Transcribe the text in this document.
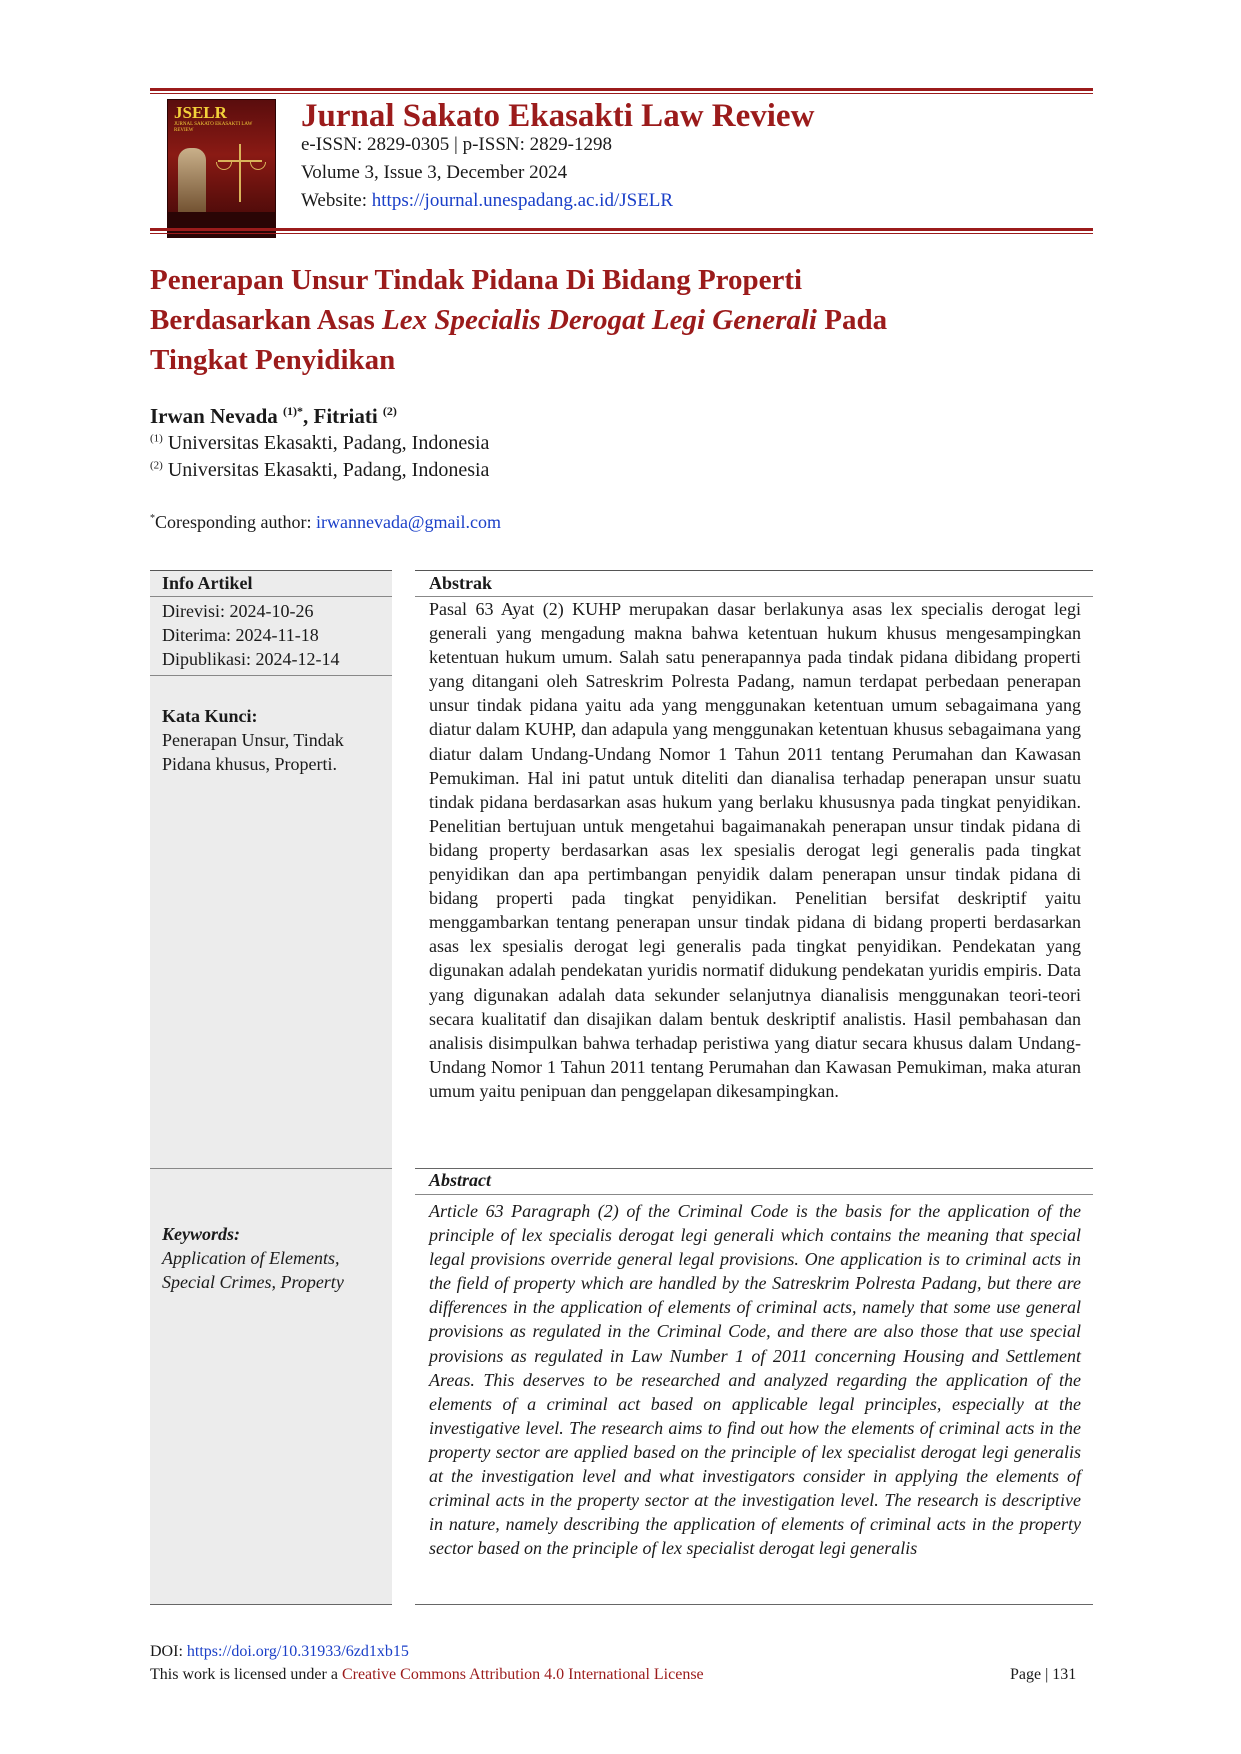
JSELR
JURNAL SAKATO EKASAKTI LAW REVIEW	Jurnal Sakato Ekasakti Law Review
e-ISSN: 2829-0305 | p-ISSN: 2829-1298
Volume 3, Issue 3, December 2024
Website: https://journal.unespadang.ac.id/JSELR
Penerapan Unsur Tindak Pidana Di Bidang Properti
Berdasarkan Asas Lex Specialis Derogat Legi Generali Pada
Tingkat Penyidikan
Irwan Nevada $^{(1)*}$, Fitriati $^{(2)}$
$^{(1)}$ Universitas Ekasakti, Padang, Indonesia
$^{(2)}$ Universitas Ekasakti, Padang, Indonesia
*Coresponding author: irwannevada@gmail.com
Info Artikel
Direvisi: 2024-10-26
Diterima: 2024-11-18
Dipublikasi: 2024-12-14
Kata Kunci:
Penerapan Unsur, Tindak
Pidana khusus, Properti.
Keywords:
Application of Elements,
Special Crimes, Property
Abstrak
Pasal 63 Ayat (2) KUHP merupakan dasar berlakunya asas lex specialis derogat legi generali yang mengadung makna bahwa ketentuan hukum khusus mengesampingkan ketentuan hukum umum. Salah satu penerapannya pada tindak pidana dibidang properti yang ditangani oleh Satreskrim Polresta Padang, namun terdapat perbedaan penerapan unsur tindak pidana yaitu ada yang menggunakan ketentuan umum sebagaimana yang diatur dalam KUHP, dan adapula yang menggunakan ketentuan khusus sebagaimana yang diatur dalam Undang-Undang Nomor 1 Tahun 2011 tentang Perumahan dan Kawasan Pemukiman. Hal ini patut untuk diteliti dan dianalisa terhadap penerapan unsur suatu tindak pidana berdasarkan asas hukum yang berlaku khususnya pada tingkat penyidikan. Penelitian bertujuan untuk mengetahui bagaimanakah penerapan unsur tindak pidana di bidang property berdasarkan asas lex spesialis derogat legi generalis pada tingkat penyidikan dan apa pertimbangan penyidik dalam penerapan unsur tindak pidana di bidang properti pada tingkat penyidikan. Penelitian bersifat deskriptif yaitu menggambarkan tentang penerapan unsur tindak pidana di bidang properti berdasarkan asas lex spesialis derogat legi generalis pada tingkat penyidikan. Pendekatan yang digunakan adalah pendekatan yuridis normatif didukung pendekatan yuridis empiris. Data yang digunakan adalah data sekunder selanjutnya dianalisis menggunakan teori-teori secara kualitatif dan disajikan dalam bentuk deskriptif analistis. Hasil pembahasan dan analisis disimpulkan bahwa terhadap peristiwa yang diatur secara khusus dalam Undang-Undang Nomor 1 Tahun 2011 tentang Perumahan dan Kawasan Pemukiman, maka aturan umum yaitu penipuan dan penggelapan dikesampingkan.
Abstract
Article 63 Paragraph (2) of the Criminal Code is the basis for the application of the principle of lex specialis derogat legi generali which contains the meaning that special legal provisions override general legal provisions. One application is to criminal acts in the field of property which are handled by the Satreskrim Polresta Padang, but there are differences in the application of elements of criminal acts, namely that some use general provisions as regulated in the Criminal Code, and there are also those that use special provisions as regulated in Law Number 1 of 2011 concerning Housing and Settlement Areas. This deserves to be researched and analyzed regarding the application of the elements of a criminal act based on applicable legal principles, especially at the investigative level. The research aims to find out how the elements of criminal acts in the property sector are applied based on the principle of lex specialist derogat legi generalis at the investigation level and what investigators consider in applying the elements of criminal acts in the property sector at the investigation level. The research is descriptive in nature, namely describing the application of elements of criminal acts in the property sector based on the principle of lex specialist derogat legi generalis
DOI: https://doi.org/10.31933/6zd1xb15
This work is licensed under a Creative Commons Attribution 4.0 International License	Page | 131
